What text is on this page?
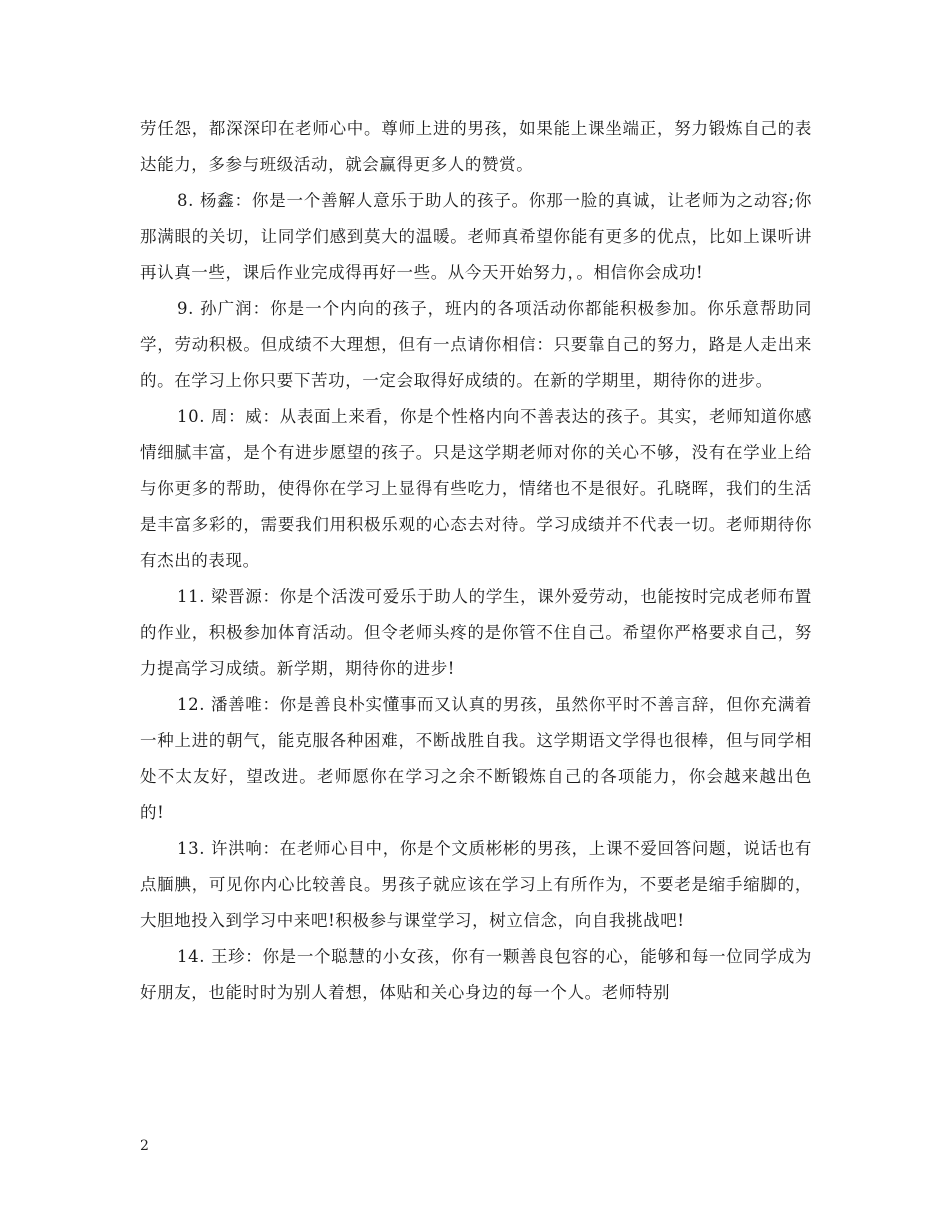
劳任怨，都深深印在老师心中。尊师上进的男孩，如果能上课坐端正，努力锻炼自己的表达能力，多参与班级活动，就会赢得更多人的赞赏。

8. 杨鑫：你是一个善解人意乐于助人的孩子。你那一脸的真诚，让老师为之动容;你那满眼的关切，让同学们感到莫大的温暖。老师真希望你能有更多的优点，比如上课听讲再认真一些，课后作业完成得再好一些。从今天开始努力，。相信你会成功!

9. 孙广润：你是一个内向的孩子，班内的各项活动你都能积极参加。你乐意帮助同学，劳动积极。但成绩不大理想，但有一点请你相信：只要靠自己的努力，路是人走出来的。在学习上你只要下苦功，一定会取得好成绩的。在新的学期里，期待你的进步。

10. 周：威：从表面上来看，你是个性格内向不善表达的孩子。其实，老师知道你感情细腻丰富，是个有进步愿望的孩子。只是这学期老师对你的关心不够，没有在学业上给与你更多的帮助，使得你在学习上显得有些吃力，情绪也不是很好。孔晓晖，我们的生活是丰富多彩的，需要我们用积极乐观的心态去对待。学习成绩并不代表一切。老师期待你有杰出的表现。

11. 梁晋源：你是个活泼可爱乐于助人的学生，课外爱劳动，也能按时完成老师布置的作业，积极参加体育活动。但令老师头疼的是你管不住自己。希望你严格要求自己，努力提高学习成绩。新学期，期待你的进步!

12. 潘善唯：你是善良朴实懂事而又认真的男孩，虽然你平时不善言辞，但你充满着一种上进的朝气，能克服各种困难，不断战胜自我。这学期语文学得也很棒，但与同学相处不太友好，望改进。老师愿你在学习之余不断锻炼自己的各项能力，你会越来越出色的!

13. 许洪响：在老师心目中，你是个文质彬彬的男孩，上课不爱回答问题，说话也有点腼腆，可见你内心比较善良。男孩子就应该在学习上有所作为，不要老是缩手缩脚的，大胆地投入到学习中来吧!积极参与课堂学习，树立信念，向自我挑战吧!

14. 王珍：你是一个聪慧的小女孩，你有一颗善良包容的心，能够和每一位同学成为好朋友，也能时时为别人着想，体贴和关心身边的每一个人。老师特别

2
